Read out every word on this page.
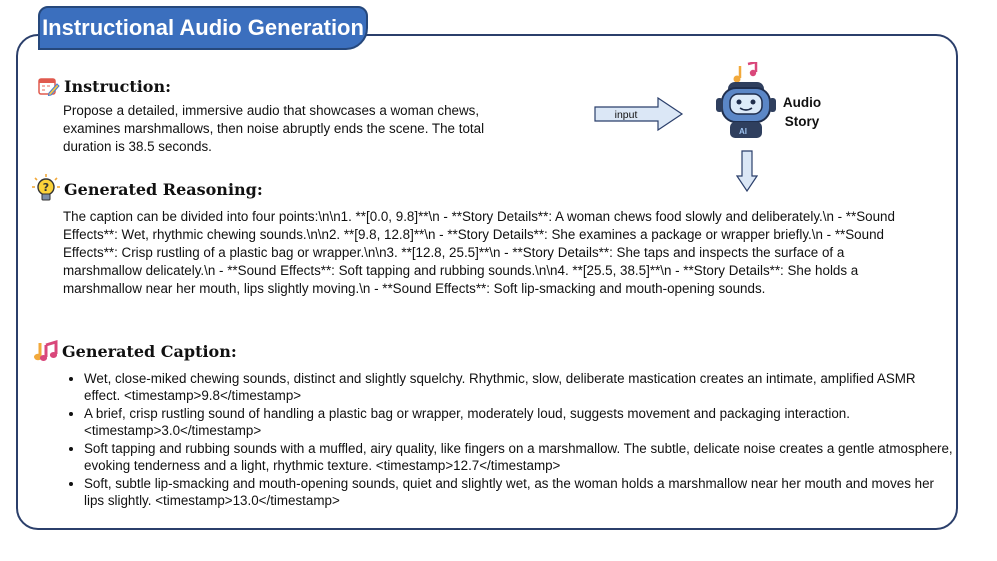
Instructional Audio Generation
Instruction:
Propose a detailed, immersive audio that showcases a woman chews, examines marshmallows, then noise abruptly ends the scene. The total duration is 38.5 seconds.
input
AI
Audio
Story
? Generated Reasoning:
The caption can be divided into four points:\n\n1. **[0.0, 9.8]**\n - **Story Details**: A woman chews food slowly and deliberately.\n - **Sound Effects**: Wet, rhythmic chewing sounds.\n\n2. **[9.8, 12.8]**\n - **Story Details**: She examines a package or wrapper briefly.\n - **Sound Effects**: Crisp rustling of a plastic bag or wrapper.\n\n3. **[12.8, 25.5]**\n - **Story Details**: She taps and inspects the surface of a marshmallow delicately.\n - **Sound Effects**: Soft tapping and rubbing sounds.\n\n4. **[25.5, 38.5]**\n - **Story Details**: She holds a marshmallow near her mouth, lips slightly moving.\n - **Sound Effects**: Soft lip-smacking and mouth-opening sounds.
Generated Caption:
• Wet, close-miked chewing sounds, distinct and slightly squelchy. Rhythmic, slow, deliberate mastication creates an intimate, amplified ASMR effect. <timestamp>9.8</timestamp>
• A brief, crisp rustling sound of handling a plastic bag or wrapper, moderately loud, suggests movement and packaging interaction. <timestamp>3.0</timestamp>
• Soft tapping and rubbing sounds with a muffled, airy quality, like fingers on a marshmallow. The subtle, delicate noise creates a gentle atmosphere, evoking tenderness and a light, rhythmic texture. <timestamp>12.7</timestamp>
• Soft, subtle lip-smacking and mouth-opening sounds, quiet and slightly wet, as the woman holds a marshmallow near her mouth and moves her lips slightly. <timestamp>13.0</timestamp>
